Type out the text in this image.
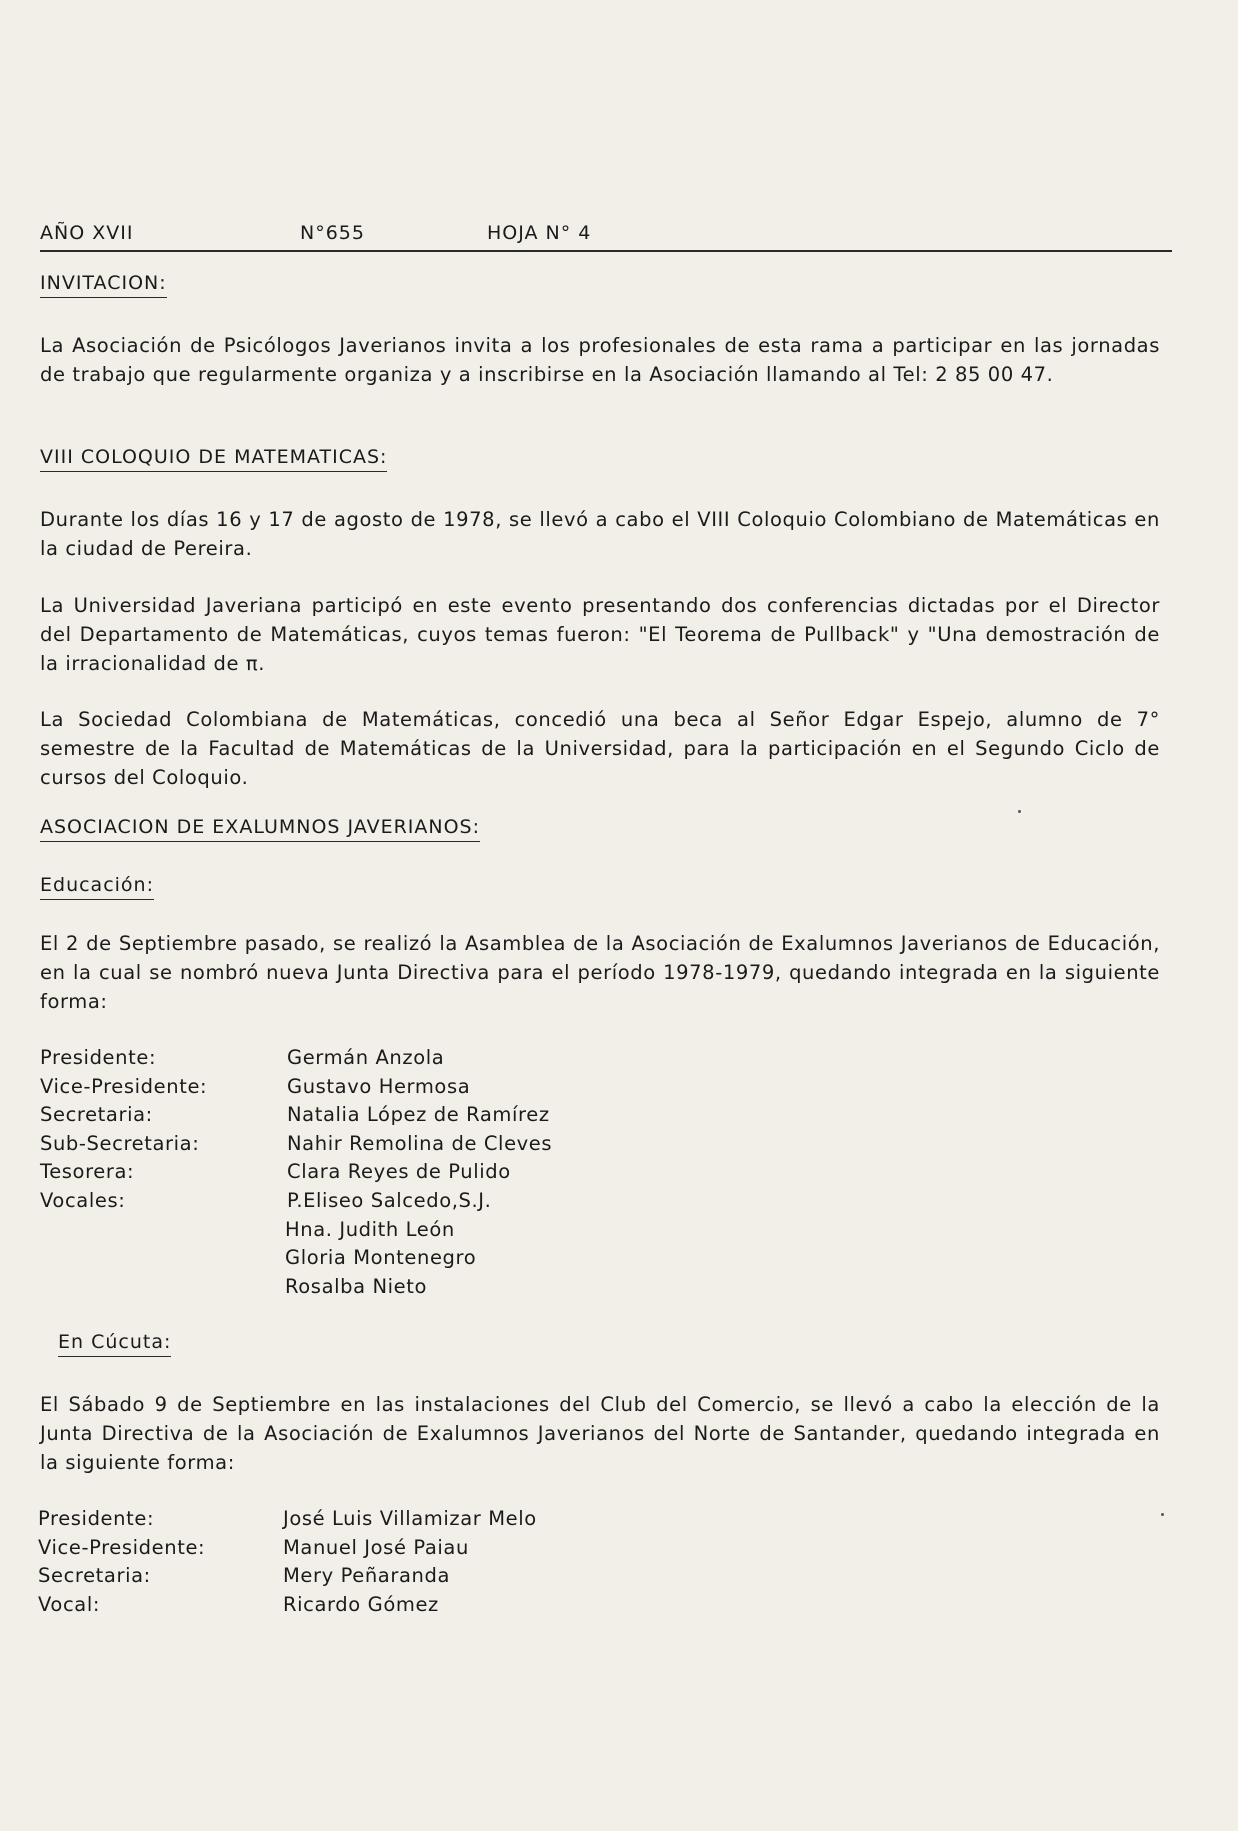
AÑO XVII	N°655	HOJA N° 4
INVITACION:

La Asociación de Psicólogos Javerianos invita a los profesionales de esta rama a participar en las jornadas de trabajo que regularmente organiza y a inscribirse en la Asociación llamando al Tel: 2 85 00 47.

VIII COLOQUIO DE MATEMATICAS:

Durante los días 16 y 17 de agosto de 1978, se llevó a cabo el VIII Coloquio Colombiano de Matemáticas en la ciudad de Pereira.

La Universidad Javeriana participó en este evento presentando dos conferencias dictadas por el Director del Departamento de Matemáticas, cuyos temas fueron: "El Teorema de Pullback" y "Una demostración de la irracionalidad de π.

La Sociedad Colombiana de Matemáticas, concedió una beca al Señor Edgar Espejo, alumno de 7° semestre de la Facultad de Matemáticas de la Universidad, para la participación en el Segundo Ciclo de cursos del Coloquio.

ASOCIACION DE EXALUMNOS JAVERIANOS:
Educación:

El 2 de Septiembre pasado, se realizó la Asamblea de la Asociación de Exalumnos Javerianos de Educación, en la cual se nombró nueva Junta Directiva para el período 1978-1979, quedando integrada en la siguiente forma:

Presidente:	Germán Anzola
Vice-Presidente:	Gustavo Hermosa
Secretaria:	Natalia López de Ramírez
Sub-Secretaria:	Nahir Remolina de Cleves
Tesorera:	Clara Reyes de Pulido
Vocales:	P.Eliseo Salcedo,S.J.
Hna. Judith León
Gloria Montenegro
Rosalba Nieto
En Cúcuta:

El Sábado 9 de Septiembre en las instalaciones del Club del Comercio, se llevó a cabo la elección de la Junta Directiva de la Asociación de Exalumnos Javerianos del Norte de Santander, quedando integrada en la siguiente forma:

Presidente:	José Luis Villamizar Melo
Vice-Presidente:	Manuel José Paiau
Secretaria:	Mery Peñaranda
Vocal:	Ricardo Gómez
